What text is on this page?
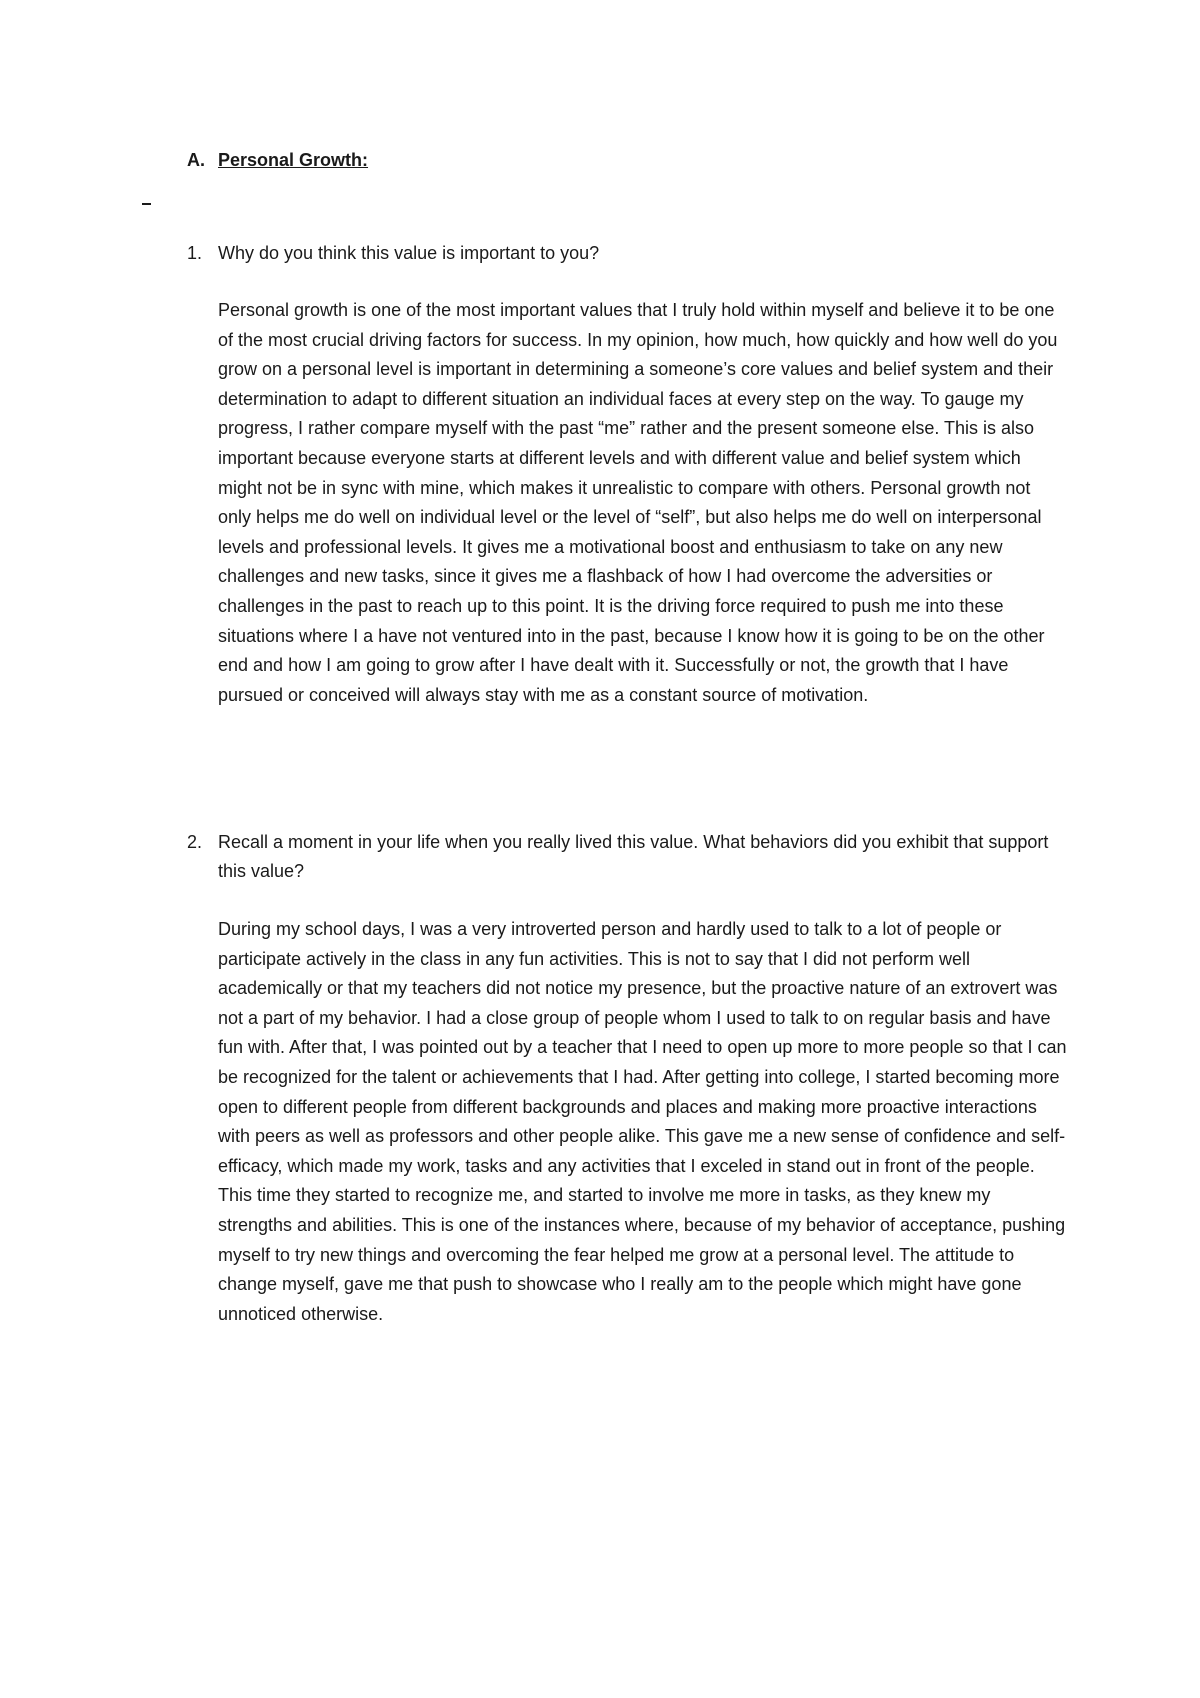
A. Personal Growth:
1. Why do you think this value is important to you?
Personal growth is one of the most important values that I truly hold within myself and believe it to be one of the most crucial driving factors for success. In my opinion, how much, how quickly and how well do you grow on a personal level is important in determining a someone’s core values and belief system and their determination to adapt to different situation an individual faces at every step on the way. To gauge my progress, I rather compare myself with the past “me” rather and the present someone else. This is also important because everyone starts at different levels and with different value and belief system which might not be in sync with mine, which makes it unrealistic to compare with others. Personal growth not only helps me do well on individual level or the level of “self”, but also helps me do well on interpersonal levels and professional levels. It gives me a motivational boost and enthusiasm to take on any new challenges and new tasks, since it gives me a flashback of how I had overcome the adversities or challenges in the past to reach up to this point. It is the driving force required to push me into these situations where I a have not ventured into in the past, because I know how it is going to be on the other end and how I am going to grow after I have dealt with it. Successfully or not, the growth that I have pursued or conceived will always stay with me as a constant source of motivation.
2. Recall a moment in your life when you really lived this value. What behaviors did you exhibit that support this value?
During my school days, I was a very introverted person and hardly used to talk to a lot of people or participate actively in the class in any fun activities. This is not to say that I did not perform well academically or that my teachers did not notice my presence, but the proactive nature of an extrovert was not a part of my behavior. I had a close group of people whom I used to talk to on regular basis and have fun with. After that, I was pointed out by a teacher that I need to open up more to more people so that I can be recognized for the talent or achievements that I had. After getting into college, I started becoming more open to different people from different backgrounds and places and making more proactive interactions with peers as well as professors and other people alike. This gave me a new sense of confidence and self-efficacy, which made my work, tasks and any activities that I exceled in stand out in front of the people. This time they started to recognize me, and started to involve me more in tasks, as they knew my strengths and abilities. This is one of the instances where, because of my behavior of acceptance, pushing myself to try new things and overcoming the fear helped me grow at a personal level. The attitude to change myself, gave me that push to showcase who I really am to the people which might have gone unnoticed otherwise.
